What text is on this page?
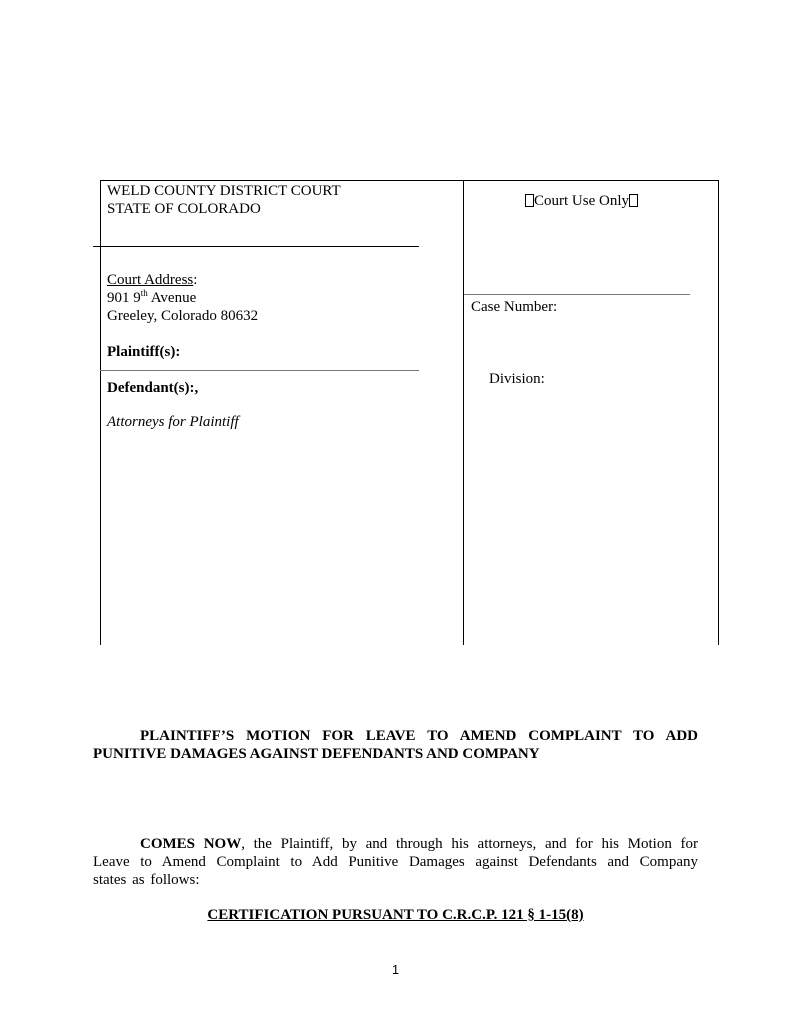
WELD COUNTY DISTRICT COURT
STATE OF COLORADO
Court Address:
901 9th Avenue
Greeley, Colorado 80632
Plaintiff(s):
Defendant(s):,
Attorneys for Plaintiff
Court Use Only
Case Number:
Division:
PLAINTIFF’S MOTION FOR LEAVE TO AMEND COMPLAINT TO ADD
PUNITIVE DAMAGES AGAINST DEFENDANTS AND COMPANY
COMES NOW, the Plaintiff, by and through his attorneys, and for his Motion for
Leave to Amend Complaint to Add Punitive Damages against Defendants and Company
states as follows:
CERTIFICATION PURSUANT TO C.R.C.P. 121 § 1-15(8)
1
